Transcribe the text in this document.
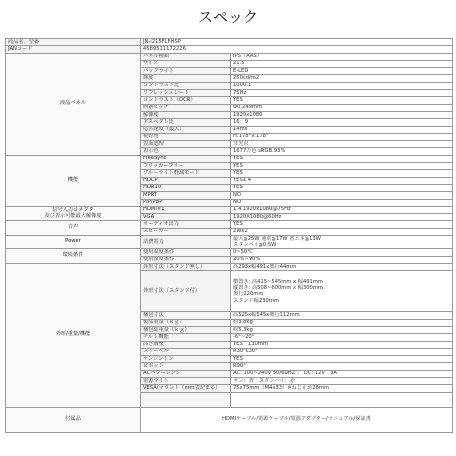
スペック
商品名、型番	JN-i215FLFHSP	
JANコード	4589511172226	
液晶パネル	パネル種類	IPS（AAS）
	サイズ	21.5
	バックライト	E-LED
	輝度	250cd/m2
	コントラスト比	1000:1
	リフレッシュレート	75Hz
	コントラスト（DCR）	YES
	画素ピッチ	Φ0.249mm
	解像度	1920x1080
	アスペクト比	16：9
	応答速度（最大）	14ms
	視野角	H:178°V:178°
	表面処理	非光沢
	表示色	1677万色 sRGB:93%
機能	FreeSync	YES
	フリッカーフリー	YES
	ブルーライト軽減モード	YES
	HDCP	YES1.4
	HDR10	YES
	MPRT	NO
	PIP/PBP	NO
信号入力コネクタ
及び表示可能最大解像度	HDMI×1	1.4 1920x1080@75Hz
	VGA	1920X1080@60Hz
音声	オーディオ出力	YES
	スピーカー	2Wx2
Power	消費電力	最大≦25W 通常≦17W 省エネ≦13W
スタンバイ≦0.5W
環境条件	使用温度条件	0~50℃
	使用湿度条件	20%~90%
外形/重量/機能	外形寸法（スタンド無し）	高293x幅491x奥行44mm
	外形寸法（スタンド付）	横置き: 高415~545mm x 幅491mm
縦置き: 高508~600mm x 幅300mm
奥行220mm
スタンド幅230mm
	梱包寸法	高525x幅545x奥行112mm
	製品重量（ｋｇ）	約3.8kg
	梱包総重量（ｋｇ）	約5.3kg
	チルト機能	-6°~20°
	高さ調整	YES　130mm
	スイーベル	R30°L30°
	ケンジントン	YES
	ピボット	R90°
	ACパワーレンジ	AC: 100~240V 50/60HZ ； DC: 12V　3A
	電源ライト	オン：青　スタンバイ：赤
	VESA/マウント（mm表記まる）	75x75mm（M4x33）※ねじ止め28mm

付属品	HDMIケーブル/電源ケーブル/電源アダプター/マニュアル/保証書	
